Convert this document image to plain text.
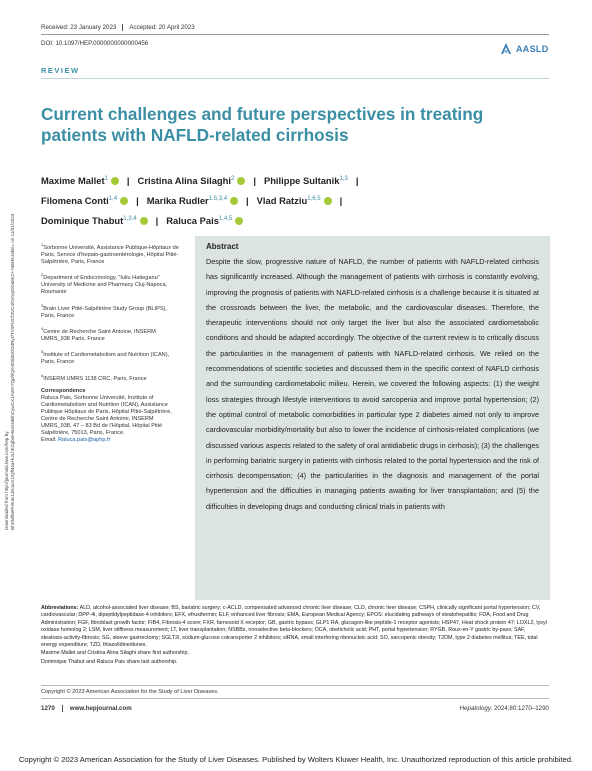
Downloaded from http://journals.lww.com/hep by BhDMf5ePHKav1zEoum1tQfN4a+kJLhEZgbsIHo4XMi0hCywCX1AWnYQp/IlQrHD3i3D0OdRyi7TvSFl4Cf3VC4/OAVpDDa8K2+Ya6H515kE= on 11/01/2024
Received: 23 January 2023 Accepted: 20 April 2023
DOI: 10.1097/HEP.0000000000000456
AASLD
REVIEW
Current challenges and future perspectives in treating patients with NAFLD-related cirrhosis
Maxime Mallet$^1$ | Cristina Alina Silaghi$^2$ | Philippe Sultanik$^{1,3}$ |
Filomena Conti$^{1,4}$ | Marika Rudler$^{1,5,3,4}$ | Vlad Ratziu$^{1,6,5}$ |
Dominique Thabut$^{1,3,4}$ | Raluca Pais$^{1,4,5}$
$^1$Sorbonne Université, Assistance Publique-Hôpitaux de Paris, Service d'hepato-gastroentérologie, Hôpital Pitié-Salpêtrière, Paris, France
$^2$Department of Endocrinology, "Iuliu Hatieganu" University of Medicine and Pharmacy Cluj-Napoca, Roumanie
$^3$Brain Liver Pitié-Salpêtrière Study Group (BLIPS), Paris, France
$^4$Centre de Recherche Saint Antoine, INSERM UMRS_938 Paris, France
$^5$Institute of Cardiometabolism and Nutrition (ICAN), Paris, France
$^6$INSERM UMRS 1138 CRC, Paris, France
Correspondence
Raluca Pais, Sorbonne Université, Institute of Cardiometabolism and Nutrition (ICAN), Assistance Publique Hôpitaux de Paris, Hôpital Pitié-Salpêtrière, Centre de Recherche Saint Antoine, INSERM UMRS_938, 47 – 83 Bd de l'Hôpital, Hôpital Pitié Salpêtrière, 75013, Paris, France.
Email: Raluca.pais@aphp.fr
Abstract
Despite the slow, progressive nature of NAFLD, the number of patients with NAFLD-related cirrhosis has significantly increased. Although the management of patients with cirrhosis is constantly evolving, improving the prognosis of patients with NAFLD-related cirrhosis is a challenge because it is situated at the crossroads between the liver, the metabolic, and the cardiovascular diseases. Therefore, the therapeutic interventions should not only target the liver but also the associated cardiometabolic conditions and should be adapted accordingly. The objective of the current review is to critically discuss the particularities in the management of patients with NAFLD-related cirrhosis. We relied on the recommendations of scientific societies and discussed them in the specific context of NAFLD cirrhosis and the surrounding cardiometabolic milieu. Herein, we covered the following aspects: (1) the weight loss strategies through lifestyle interventions to avoid sarcopenia and improve portal hypertension; (2) the optimal control of metabolic comorbidities in particular type 2 diabetes aimed not only to improve cardiovascular morbidity/mortality but also to lower the incidence of cirrhosis-related complications (we discussed various aspects related to the safety of oral antidiabetic drugs in cirrhosis); (3) the challenges in performing bariatric surgery in patients with cirrhosis related to the portal hypertension and the risk of cirrhosis decompensation; (4) the particularities in the diagnosis and management of the portal hypertension and the difficulties in managing patients awaiting for liver transplantation; and (5) the difficulties in developing drugs and conducting clinical trials in patients with
Abbreviations: ALD, alcohol-associated liver disease; BS, bariatric surgery; c-ACLD, compensated advanced chronic liver disease; CLD, chronic liver disease; CSPH, clinically significant portal hypertension; CV, cardiovascular; DPP-4i, dipeptidylpeptidase-4 inhibitors; EFX, efruxifermin; ELF, enhanced liver fibrosis; EMA, European Medical Agency; EPOS: elucidating pathways of steatohepatitis; FDA, Food and Drug Administration; FGF, fibroblast growth factor; FIB4, Fibrosis-4 score; FXR, farnesoid X receptor; GB, gastric bypass; GLP1 RA, glucagon-like peptide-1 receptor agonists; HSP47, Heat shock protein 47; LOXL2, lysyl oxidase homolog 2; LSM, liver stiffness measurement; LT, liver transplantation; NSBBs, nonselective beta-blockers; OCA, obeticholic acid; PHT, portal hypertension; RYGB, Roux-en-Y gastric by-pass; SAF, steatosis-activity-fibrosis; SG, sleeve gastrectomy; SGLT2i, sodium-glucose cotransporter 2 inhibitors; siRNA, small interfering ribonucleic acid; SO, sarcopenic obesity; T2DM, type 2 diabetes mellitus; TEE, total energy expenditure; TZD, thiazolidinediones.
Maxime Mallet and Cristina Alina Silaghi share first authorship.
Dominique Thabut and Raluca Pais share last authorship.
Copyright © 2023 American Association for the Study of Liver Diseases.
1270 www.hepjournal.com	Hepatology. 2024;80:1270–1290
Copyright © 2023 American Association for the Study of Liver Diseases. Published by Wolters Kluwer Health, Inc. Unauthorized reproduction of this article prohibited.
